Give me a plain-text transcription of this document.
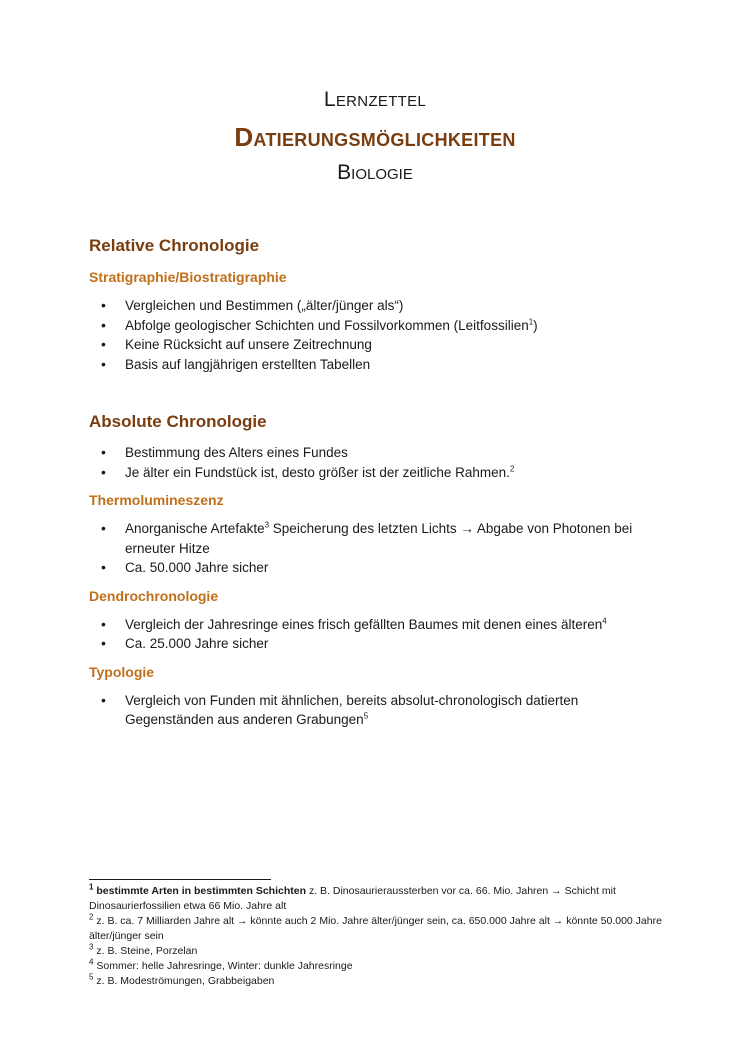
Lernzettel
Datierungsmöglichkeiten
Biologie
Relative Chronologie
Stratigraphie/Biostratigraphie
• Vergleichen und Bestimmen („älter/jünger als“)
• Abfolge geologischer Schichten und Fossilvorkommen (Leitfossilien$^1$)
• Keine Rücksicht auf unsere Zeitrechnung
• Basis auf langjährigen erstellten Tabellen
Absolute Chronologie
• Bestimmung des Alters eines Fundes
• Je älter ein Fundstück ist, desto größer ist der zeitliche Rahmen.$^2$
Thermolumineszenz
• Anorganische Artefakte$^3$ Speicherung des letzten Lichts → Abgabe von Photonen bei erneuter Hitze
• Ca. 50.000 Jahre sicher
Dendrochronologie
• Vergleich der Jahresringe eines frisch gefällten Baumes mit denen eines älteren$^4$
• Ca. 25.000 Jahre sicher
Typologie
• Vergleich von Funden mit ähnlichen, bereits absolut-chronologisch datierten Gegenständen aus anderen Grabungen$^5$

$^1$ bestimmte Arten in bestimmten Schichten z. B. Dinosaurieraussterben vor ca. 66. Mio. Jahren → Schicht mit Dinosaurierfossilien etwa 66 Mio. Jahre alt

$^2$ z. B. ca. 7 Milliarden Jahre alt → könnte auch 2 Mio. Jahre älter/jünger sein, ca. 650.000 Jahre alt → könnte 50.000 Jahre älter/jünger sein

$^3$ z. B. Steine, Porzelan

$^4$ Sommer: helle Jahresringe, Winter: dunkle Jahresringe

$^5$ z. B. Modeströmungen, Grabbeigaben
